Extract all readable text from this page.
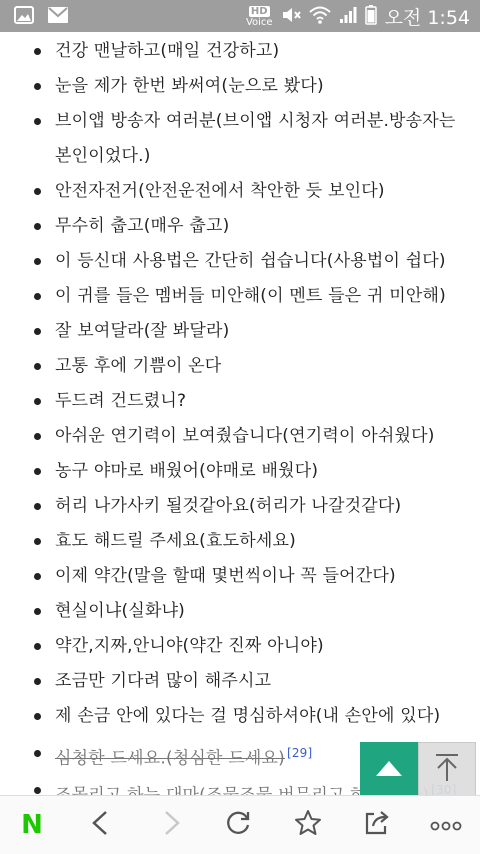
HD
Voice	오전 1:54
건강 맨날하고(매일 건강하고)
눈을 제가 한번 봐써여(눈으로 봤다)
브이앱 방송자 여러분(브이앱 시청자 여러분.방송자는
본인이었다.)
안전자전거(안전운전에서 착안한 듯 보인다)
무수히 춥고(매우 춥고)
이 등신대 사용법은 간단히 쉽습니다(사용법이 쉽다)
이 귀를 들은 멤버들 미안해(이 멘트 들은 귀 미안해)
잘 보여달라(잘 봐달라)
고통 후에 기쁨이 온다
두드려 건드렸니?
아쉬운 연기력이 보여줬습니다(연기력이 아쉬웠다)
농구 야마로 배웠어(야매로 배웠다)
허리 나가사키 될것같아요(허리가 나갈것같다)
효도 해드릴 주세요(효도하세요)
이제 약간(말을 할때 몇번씩이나 꼭 들어간다)
현실이냐(실화냐)
약간,지짜,안니야(약간 진짜 아니야)
조금만 기다려 많이 해주시고
제 손금 안에 있다는 걸 명심하셔야(내 손안에 있다)
심청한 드세요.(청심한 드세요) [29]
N
